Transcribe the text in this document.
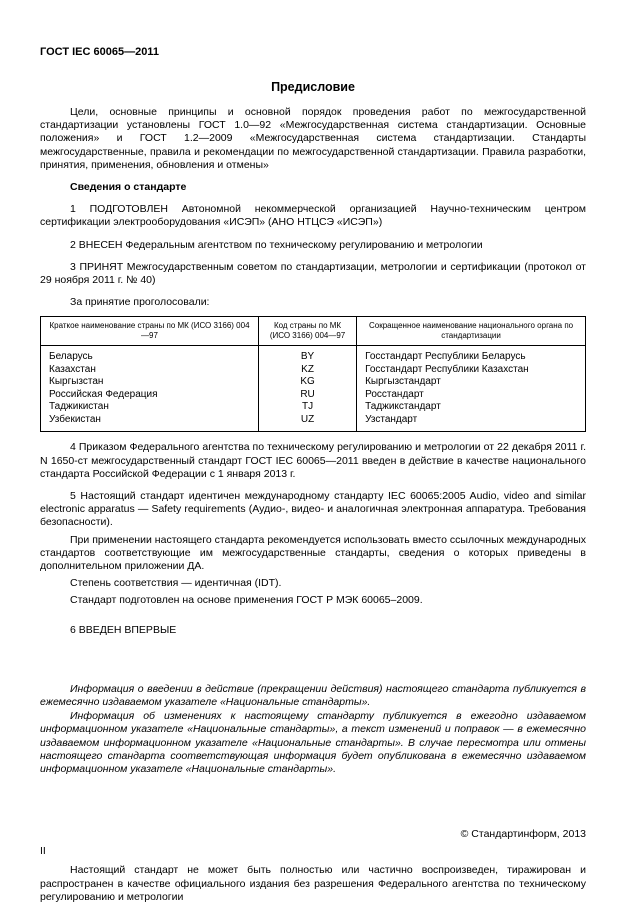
ГОСТ IEC 60065—2011
Предисловие

Цели, основные принципы и основной порядок проведения работ по межгосударственной стандартизации установлены ГОСТ 1.0—92 «Межгосударственная система стандартизации. Основные положения» и ГОСТ 1.2—2009 «Межгосударственная система стандартизации. Стандарты межгосударственные, правила и рекомендации по межгосударственной стандартизации. Правила разработки, принятия, применения, обновления и отмены»

Сведения о стандарте

1 ПОДГОТОВЛЕН Автономной некоммерческой организацией Научно-техническим центром сертификации электрооборудования «ИСЭП» (АНО НТЦСЭ «ИСЭП»)

2 ВНЕСЕН Федеральным агентством по техническому регулированию и метрологии

3 ПРИНЯТ Межгосударственным советом по стандартизации, метрологии и сертификации (протокол от 29 ноября 2011 г. № 40)

За принятие проголосовали:

Краткое наименование страны по МК (ИСО 3166) 004—97	Код страны по МК (ИСО 3166) 004—97	Сокращенное наименование национального органа по стандартизации
Беларусь	BY	Госстандарт Республики Беларусь
Казахстан	KZ	Госстандарт Республики Казахстан
Кыргызстан	KG	Кыргызстандарт
Российская Федерация	RU	Росстандарт
Таджикистан	TJ	Таджикстандарт
Узбекистан	UZ	Узстандарт

4 Приказом Федерального агентства по техническому регулированию и метрологии от 22 декабря 2011 г. N 1650-ст межгосударственный стандарт ГОСТ IEC 60065—2011 введен в действие в качестве национального стандарта Российской Федерации с 1 января 2013 г.

5 Настоящий стандарт идентичен международному стандарту IEC 60065:2005 Audio, video and similar electronic apparatus — Safety requirements (Аудио-, видео- и аналогичная электронная аппаратура. Требования безопасности).

При применении настоящего стандарта рекомендуется использовать вместо ссылочных международных стандартов соответствующие им межгосударственные стандарты, сведения о которых приведены в дополнительном приложении ДА.

Степень соответствия — идентичная (IDT).

Стандарт подготовлен на основе применения ГОСТ Р МЭК 60065–2009.

6 ВВЕДЕН ВПЕРВЫЕ

Информация о введении в действие (прекращении действия) настоящего стандарта публикуется в ежемесячно издаваемом указателе «Национальные стандарты».

Информация об изменениях к настоящему стандарту публикуется в ежегодно издаваемом информационном указателе «Национальные стандарты», а текст изменений и поправок — в ежемесячно издаваемом информационном указателе «Национальные стандарты». В случае пересмотра или отмены настоящего стандарта соответствующая информация будет опубликована в ежемесячно издаваемом информационном указателе «Национальные стандарты».

© Стандартинформ, 2013

Настоящий стандарт не может быть полностью или частично воспроизведен, тиражирован и распространен в качестве официального издания без разрешения Федерального агентства по техническому регулированию и метрологии

II
